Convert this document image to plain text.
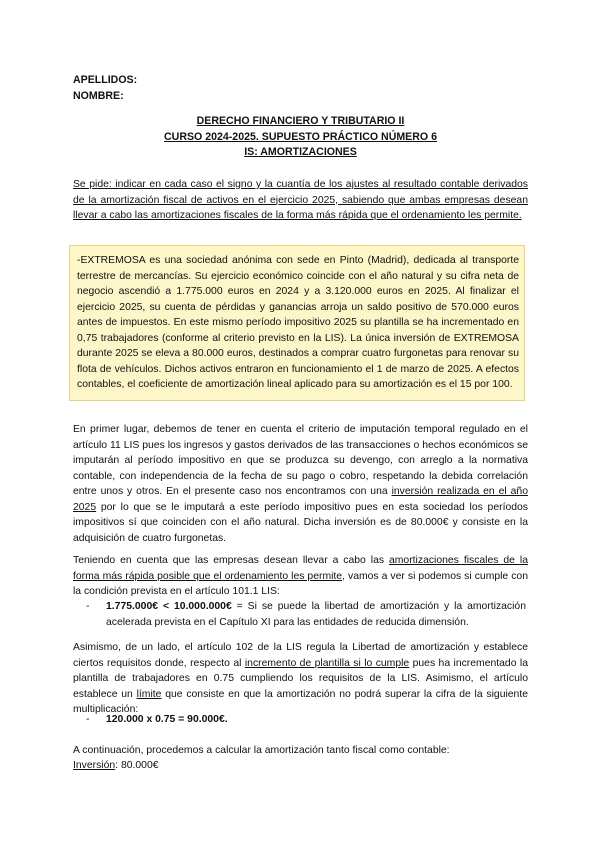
APELLIDOS:
NOMBRE:
DERECHO FINANCIERO Y TRIBUTARIO II
CURSO 2024-2025. SUPUESTO PRÁCTICO NÚMERO 6
IS: AMORTIZACIONES

Se pide: indicar en cada caso el signo y la cuantía de los ajustes al resultado contable derivados de la amortización fiscal de activos en el ejercicio 2025, sabiendo que ambas empresas desean llevar a cabo las amortizaciones fiscales de la forma más rápida que el ordenamiento les permite.

-EXTREMOSA es una sociedad anónima con sede en Pinto (Madrid), dedicada al transporte terrestre de mercancías. Su ejercicio económico coincide con el año natural y su cifra neta de negocio ascendió a 1.775.000 euros en 2024 y a 3.120.000 euros en 2025. Al finalizar el ejercicio 2025, su cuenta de pérdidas y ganancias arroja un saldo positivo de 570.000 euros antes de impuestos. En este mismo período impositivo 2025 su plantilla se ha incrementado en 0,75 trabajadores (conforme al criterio previsto en la LIS). La única inversión de EXTREMOSA durante 2025 se eleva a 80.000 euros, destinados a comprar cuatro furgonetas para renovar su flota de vehículos. Dichos activos entraron en funcionamiento el 1 de marzo de 2025. A efectos contables, el coeficiente de amortización lineal aplicado para su amortización es el 15 por 100.

En primer lugar, debemos de tener en cuenta el criterio de imputación temporal regulado en el artículo 11 LIS pues los ingresos y gastos derivados de las transacciones o hechos económicos se imputarán al período impositivo en que se produzca su devengo, con arreglo a la normativa contable, con independencia de la fecha de su pago o cobro, respetando la debida correlación entre unos y otros. En el presente caso nos encontramos con una inversión realizada en el año 2025 por lo que se le imputará a este período impositivo pues en esta sociedad los períodos impositivos sí que coinciden con el año natural. Dicha inversión es de 80.000€ y consiste en la adquisición de cuatro furgonetas.

Teniendo en cuenta que las empresas desean llevar a cabo las amortizaciones fiscales de la forma más rápida posible que el ordenamiento les permite, vamos a ver si podemos si cumple con la condición prevista en el artículo 101.1 LIS:

- 1.775.000€ < 10.000.000€ = Si se puede la libertad de amortización y la amortización acelerada prevista en el Capítulo XI para las entidades de reducida dimensión.

Asimismo, de un lado, el artículo 102 de la LIS regula la Libertad de amortización y establece ciertos requisitos donde, respecto al incremento de plantilla si lo cumple pues ha incrementado la plantilla de trabajadores en 0.75 cumpliendo los requisitos de la LIS. Asimismo, el artículo establece un límite que consiste en que la amortización no podrá superar la cifra de la siguiente multiplicación:

- 120.000 x 0.75 = 90.000€.

A continuación, procedemos a calcular la amortización tanto fiscal como contable:

Inversión: 80.000€
